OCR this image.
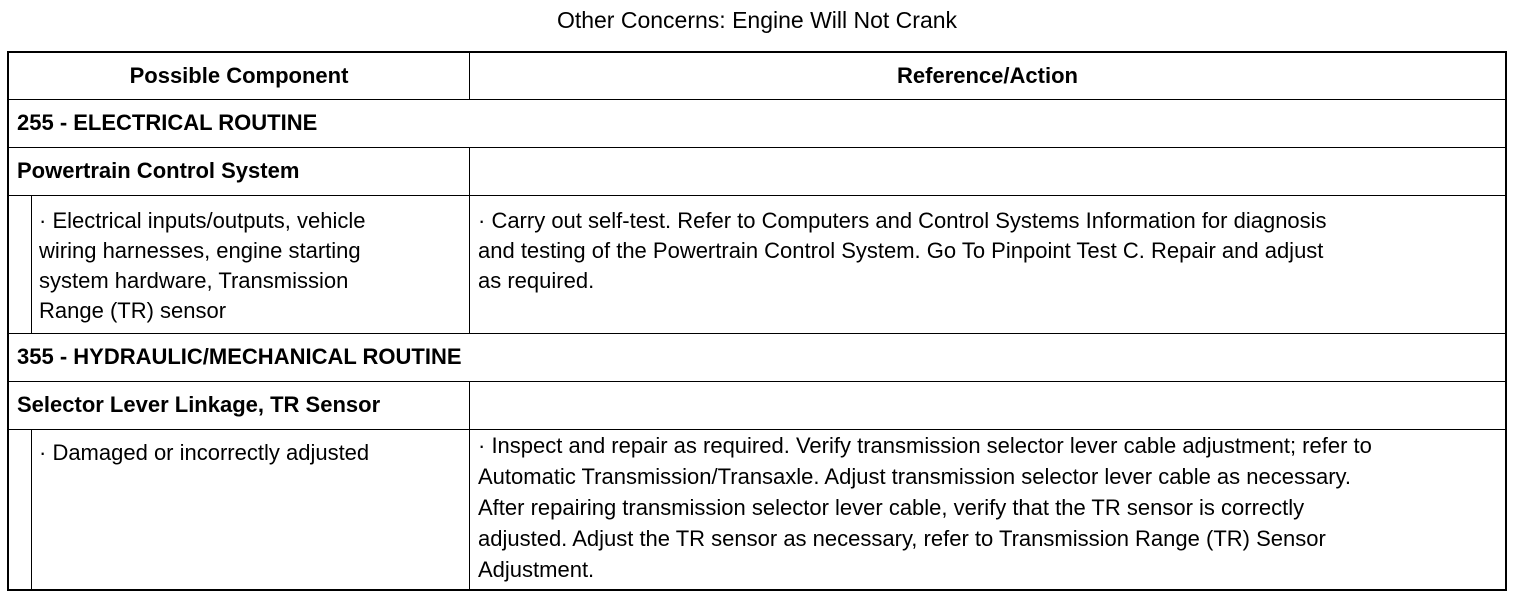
Other Concerns: Engine Will Not Crank
Possible Component	Reference/Action
255 - ELECTRICAL ROUTINE
Powertrain Control System
· Electrical inputs/outputs, vehicle
wiring harnesses, engine starting
system hardware, Transmission
Range (TR) sensor
· Carry out self-test. Refer to Computers and Control Systems Information for diagnosis
and testing of the Powertrain Control System. Go To Pinpoint Test C. Repair and adjust
as required.
355 - HYDRAULIC/MECHANICAL ROUTINE
Selector Lever Linkage, TR Sensor
· Damaged or incorrectly adjusted	· Inspect and repair as required. Verify transmission selector lever cable adjustment; refer to
Automatic Transmission/Transaxle. Adjust transmission selector lever cable as necessary.
After repairing transmission selector lever cable, verify that the TR sensor is correctly
adjusted. Adjust the TR sensor as necessary, refer to Transmission Range (TR) Sensor
Adjustment.
